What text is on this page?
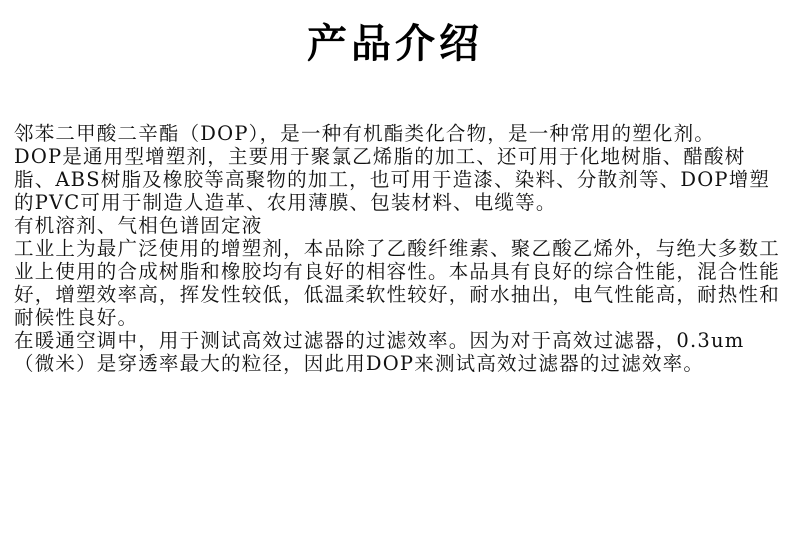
产品介绍

邻苯二甲酸二辛酯（DOP），是一种有机酯类化合物，是一种常用的塑化剂。

DOP是通用型增塑剂，主要用于聚氯乙烯脂的加工、还可用于化地树脂、醋酸树脂、ABS树脂及橡胶等高聚物的加工，也可用于造漆、染料、分散剂等、DOP增塑的PVC可用于制造人造革、农用薄膜、包装材料、电缆等。

有机溶剂、气相色谱固定液

工业上为最广泛使用的增塑剂，本品除了乙酸纤维素、聚乙酸乙烯外，与绝大多数工业上使用的合成树脂和橡胶均有良好的相容性。本品具有良好的综合性能，混合性能好，增塑效率高，挥发性较低，低温柔软性较好，耐水抽出，电气性能高，耐热性和耐候性良好。

在暖通空调中，用于测试高效过滤器的过滤效率。因为对于高效过滤器，0.3um（微米）是穿透率最大的粒径，因此用DOP来测试高效过滤器的过滤效率。
